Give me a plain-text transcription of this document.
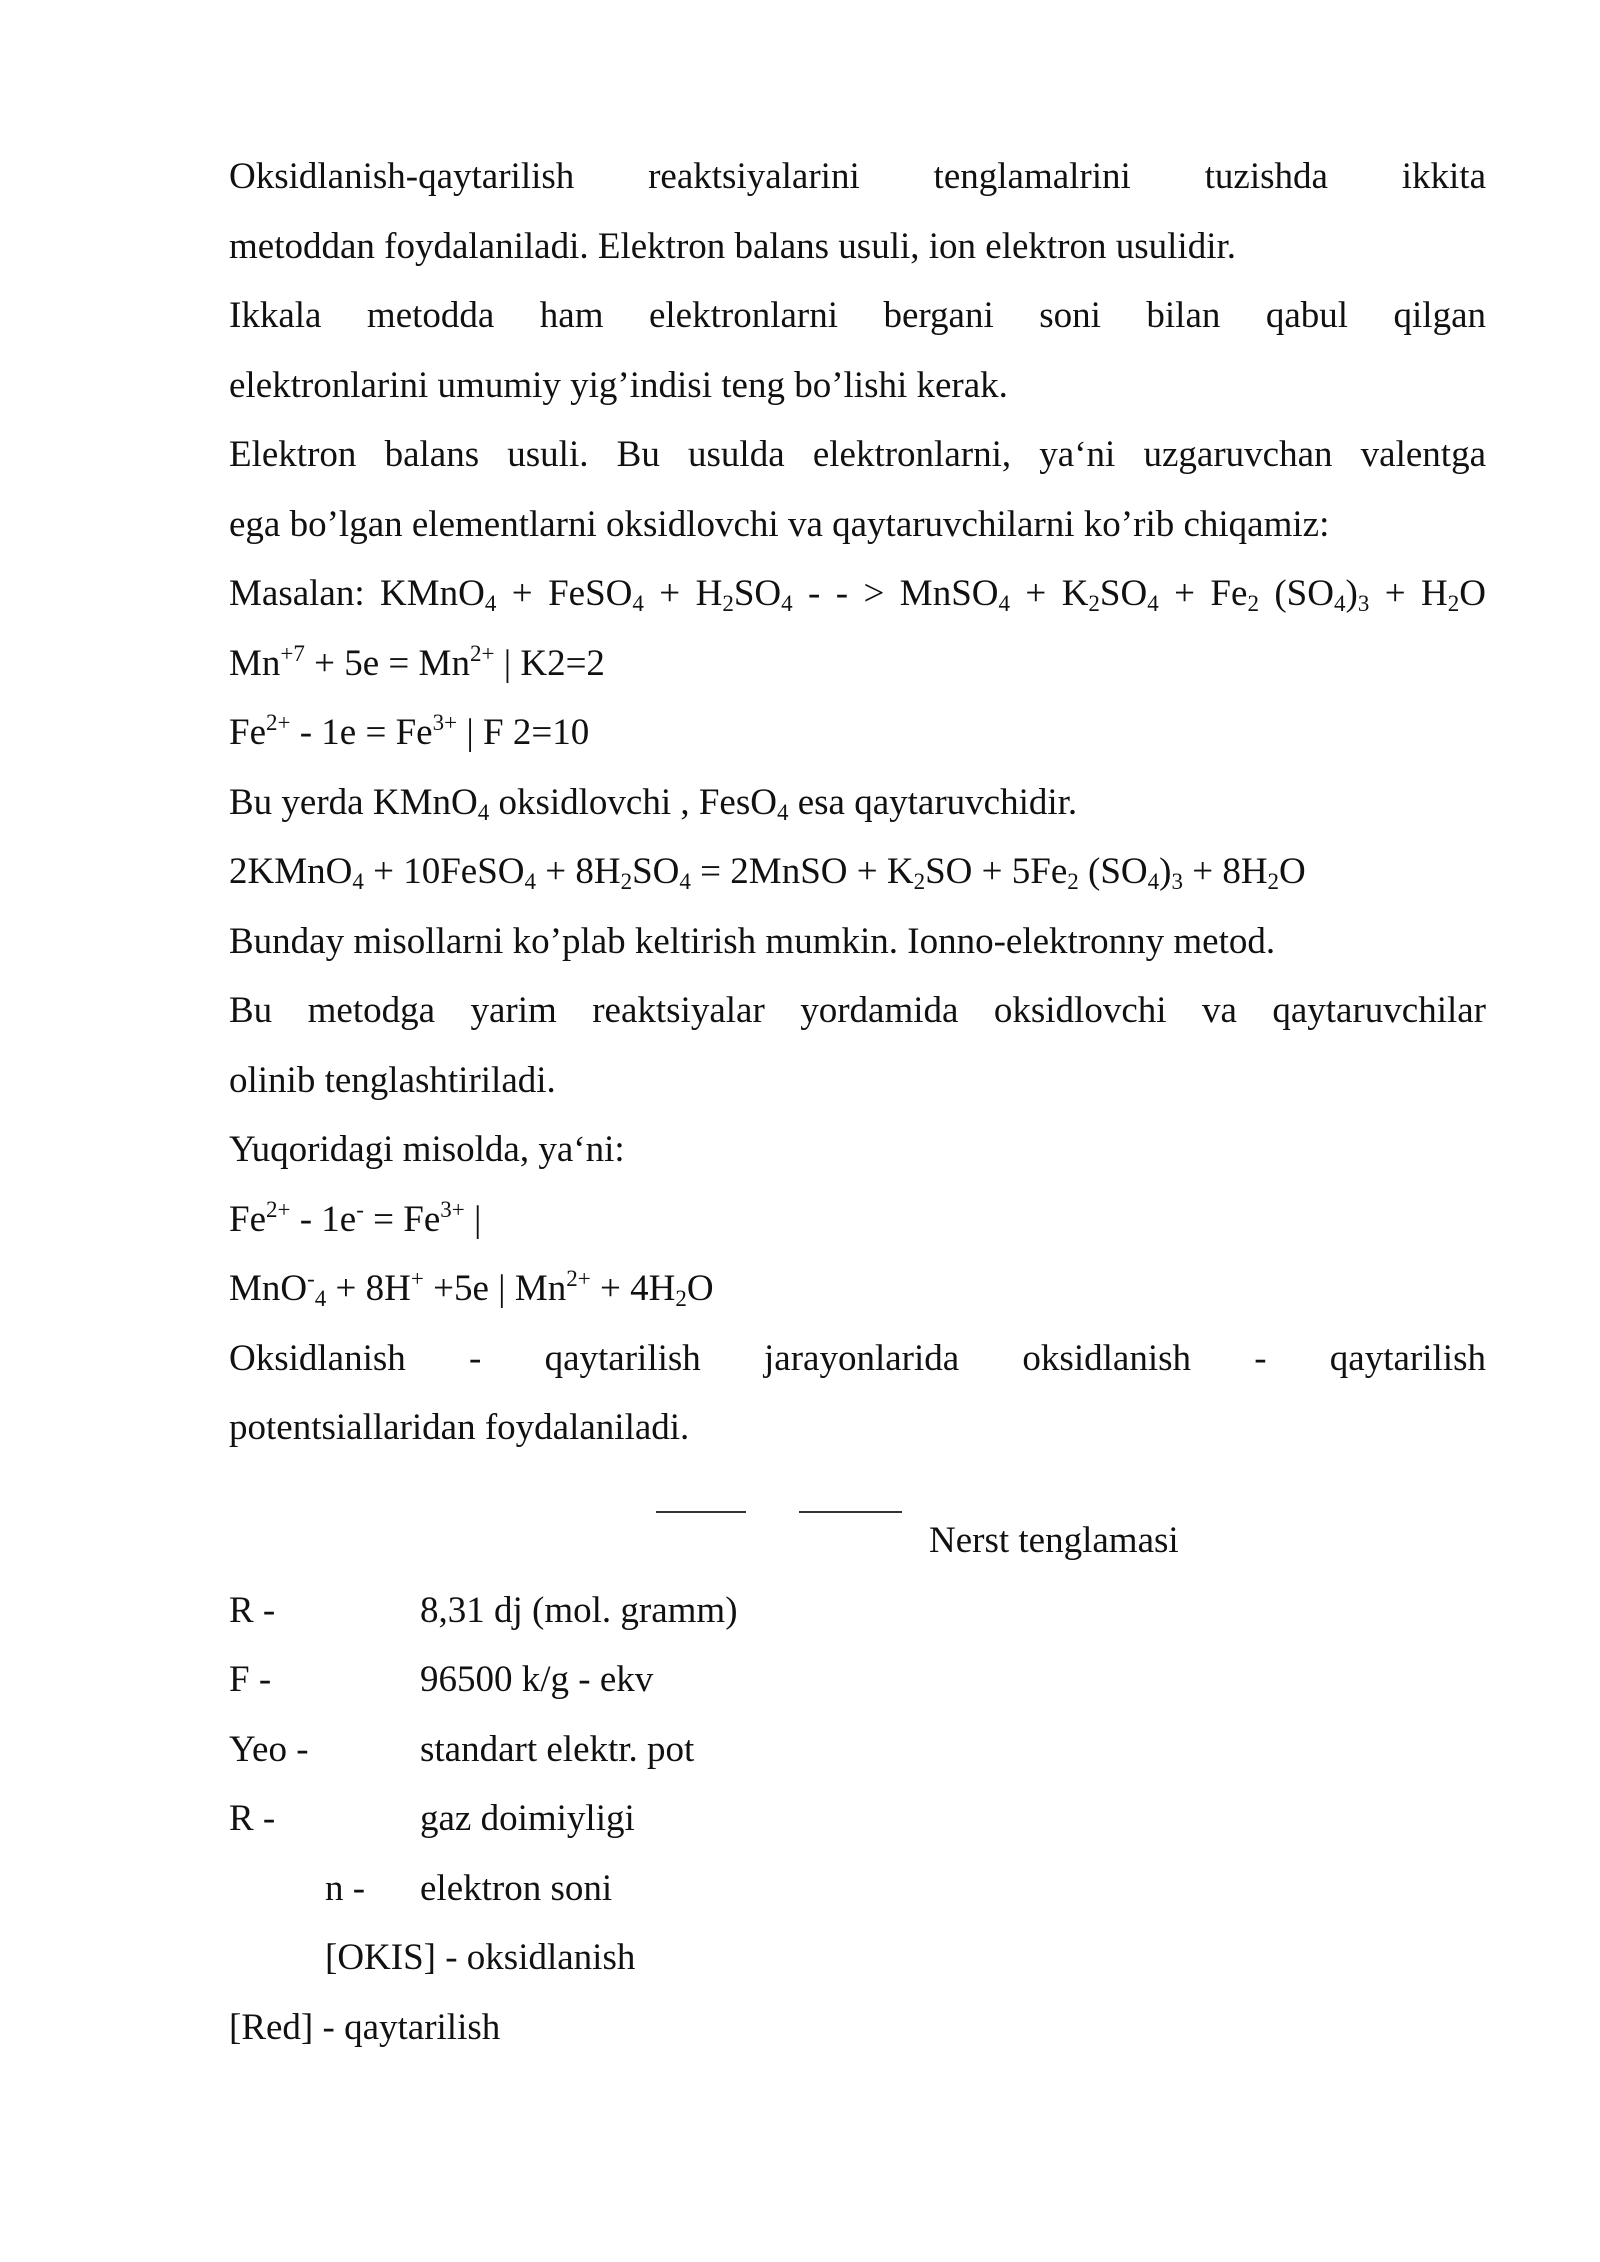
Oksidlanish-qaytarilish reaktsiyalarini tenglamalrini tuzishda ikkita
metoddan foydalaniladi. Elektron balans usuli, ion elektron usulidir.
Ikkala metodda ham elektronlarni bergani soni bilan qabul qilgan
elektronlarini umumiy yig’indisi teng bo’lishi kerak.
Elektron balans usuli. Bu usulda elektronlarni, ya‘ni uzgaruvchan valentga
ega bo’lgan elementlarni oksidlovchi va qaytaruvchilarni ko’rib chiqamiz:
Masalan: KMnO$_4$ + FeSO$_4$ + $H_2SO_4$ - - > MnSO$_4$ + $K_2SO_4 + Fe_2$ $(SO_4)_3 + H_2O$
$Mn^{+7} + 5e = Mn^{2+}$ | K2=2
$Fe^{2+} - 1e = Fe^{3+}$ | F 2=10
Bu yerda KMnO$_4$ oksidlovchi , FesO$_4$ esa qaytaruvchidir.
2KMnO$_4$ + 10FeSO$_4$ + $8H_2SO_4$ = 2MnSO + $K_2SO + 5Fe_2$ $(SO_4)_3 + 8H_2O$
Bunday misollarni ko’plab keltirish mumkin. Ionno-elektronny metod.
Bu metodga yarim reaktsiyalar yordamida oksidlovchi va qaytaruvchilar
olinib tenglashtiriladi.
Yuqoridagi misolda, ya‘ni:
$Fe^{2+} - 1e^- = Fe^{3+}$ |
MnO-$_4$ + 8H+ +5e | $Mn^{2+} + 4H_2O$
Oksidlanish - qaytarilish jarayonlarida oksidlanish - qaytarilish
potentsiallaridan foydalaniladi.
Nerst tenglamasi
R -	8,31 dj (mol. gramm)
F -	96500 k/g - ekv
Yeo -	standart elektr. pot
R -	gaz doimiyligi
n - elektron soni
[OKIS] - oksidlanish
[Red] - qaytarilish
